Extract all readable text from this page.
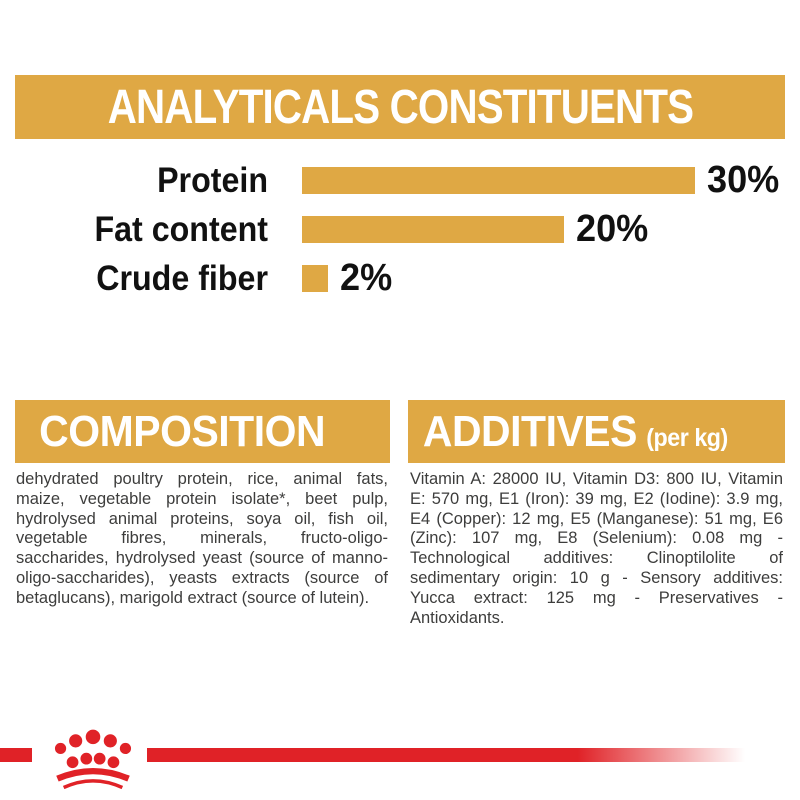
ANALYTICALS CONSTITUENTS
Protein	30%
Fat content	20%
Crude fiber 2%
COMPOSITION
dehydrated poultry protein, rice, animal fats, maize, vegetable protein isolate*, beet pulp, hydrolysed animal proteins, soya oil, fish oil, vegetable fibres, minerals, fructo-oligo-saccharides, hydrolysed yeast (source of manno-oligo-saccharides), yeasts extracts (source of betaglucans), marigold extract (source of lutein).
ADDITIVES (per kg)
Vitamin A: 28000 IU, Vitamin D3: 800 IU, Vitamin E: 570 mg, E1 (Iron): 39 mg, E2 (Iodine): 3.9 mg, E4 (Copper): 12 mg, E5 (Manganese): 51 mg, E6 (Zinc): 107 mg, E8 (Selenium): 0.08 mg - Technological additives: Clinoptilolite of sedimentary origin: 10 g - Sensory additives: Yucca extract: 125 mg - Preservatives - Antioxidants.
